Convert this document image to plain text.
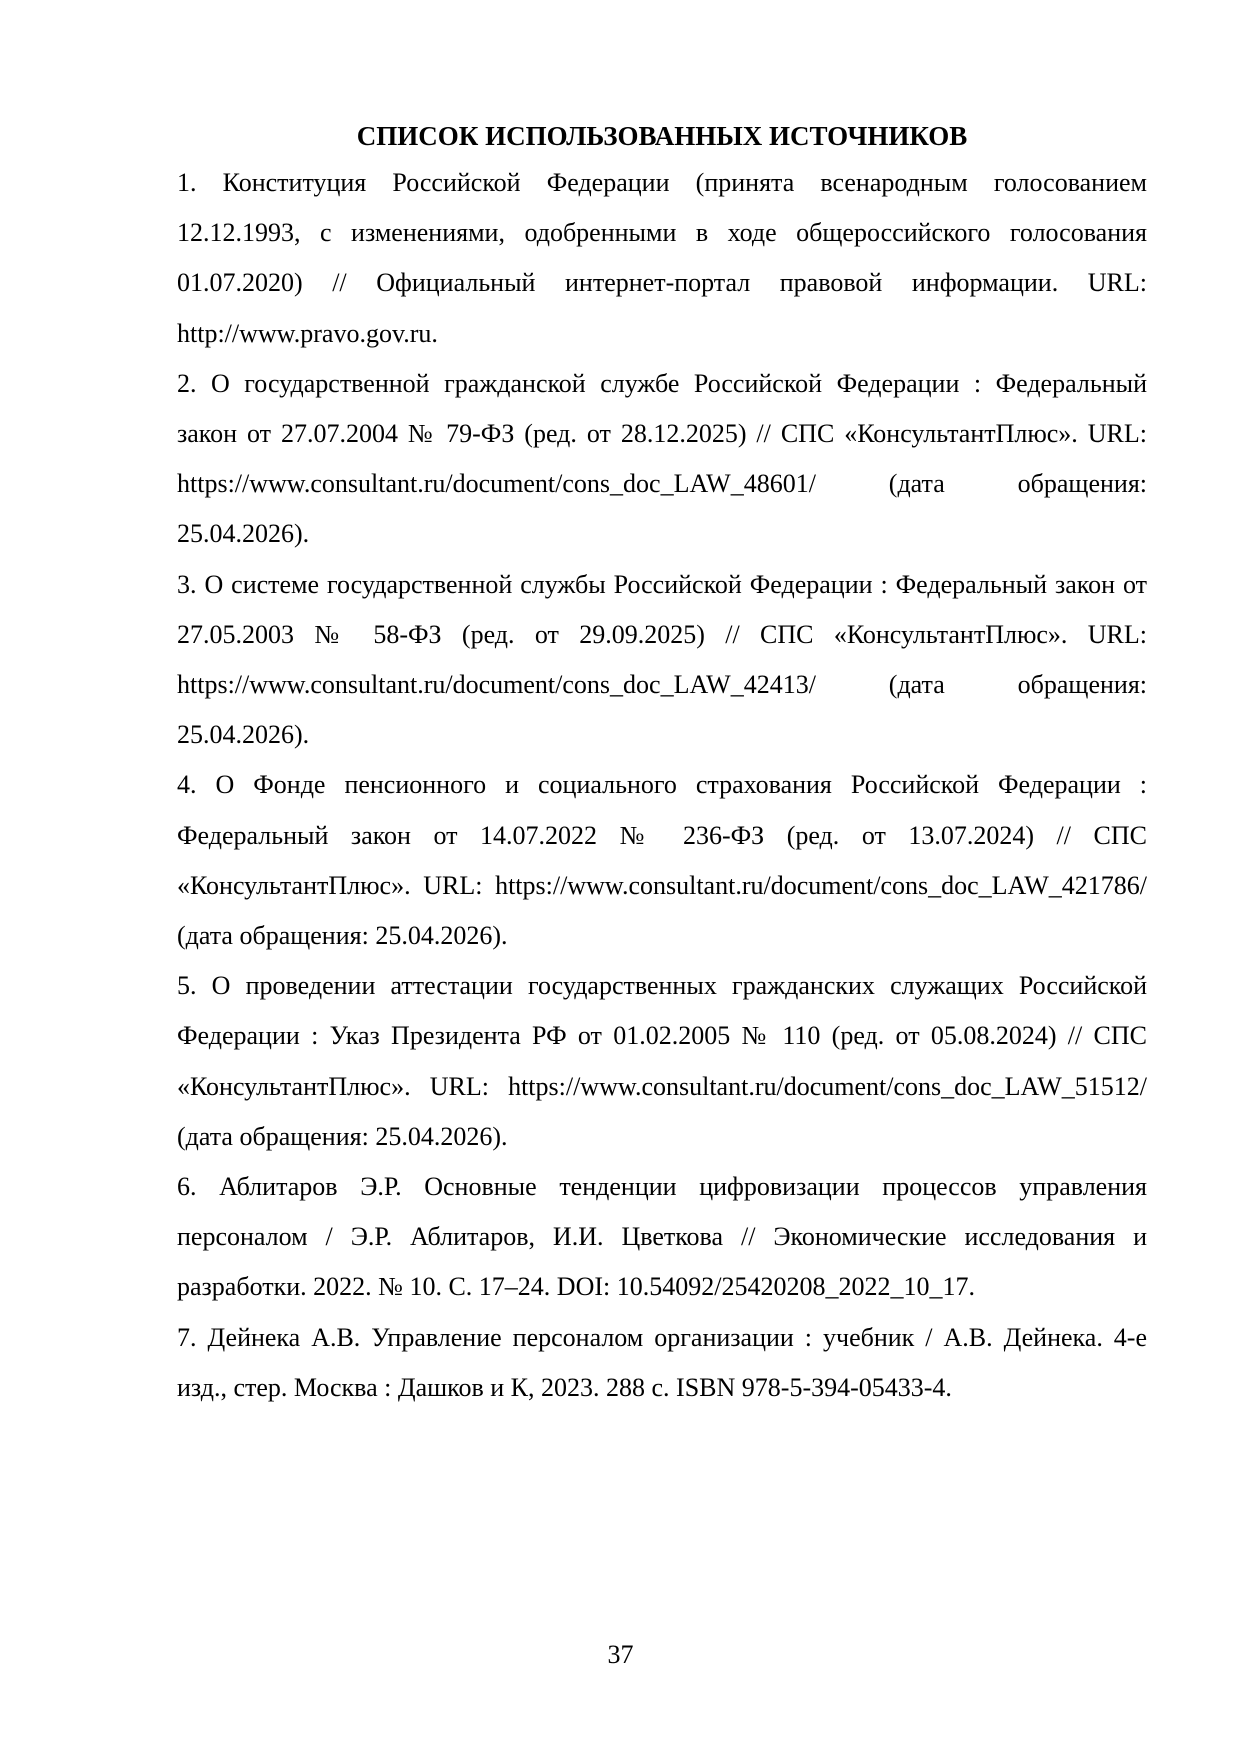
СПИСОК ИСПОЛЬЗОВАННЫХ ИСТОЧНИКОВ
1. Конституция Российской Федерации (принята всенародным голосованием 12.12.1993, с изменениями, одобренными в ходе общероссийского голосования 01.07.2020) // Официальный интернет-портал правовой информации. URL: http://www.pravo.gov.ru.
2. О государственной гражданской службе Российской Федерации : Федеральный закон от 27.07.2004 № 79-ФЗ (ред. от 28.12.2025) // СПС «КонсультантПлюс». URL: https://www.consultant.ru/document/cons_doc_LAW_48601/ (дата обращения: 25.04.2026).
3. О системе государственной службы Российской Федерации : Федеральный закон от 27.05.2003 № 58-ФЗ (ред. от 29.09.2025) // СПС «КонсультантПлюс». URL: https://www.consultant.ru/document/cons_doc_LAW_42413/ (дата обращения: 25.04.2026).
4. О Фонде пенсионного и социального страхования Российской Федерации : Федеральный закон от 14.07.2022 № 236-ФЗ (ред. от 13.07.2024) // СПС «КонсультантПлюс». URL: https://www.consultant.ru/document/cons_doc_LAW_421786/ (дата обращения: 25.04.2026).
5. О проведении аттестации государственных гражданских служащих Российской Федерации : Указ Президента РФ от 01.02.2005 № 110 (ред. от 05.08.2024) // СПС «КонсультантПлюс». URL: https://www.consultant.ru/document/cons_doc_LAW_51512/ (дата обращения: 25.04.2026).
6. Аблитаров Э.Р. Основные тенденции цифровизации процессов управления персоналом / Э.Р. Аблитаров, И.И. Цветкова // Экономические исследования и разработки. 2022. № 10. С. 17–24. DOI: 10.54092/25420208_2022_10_17.
7. Дейнека А.В. Управление персоналом организации : учебник / А.В. Дейнека. 4-е изд., стер. Москва : Дашков и К, 2023. 288 с. ISBN 978-5-394-05433-4.
37
